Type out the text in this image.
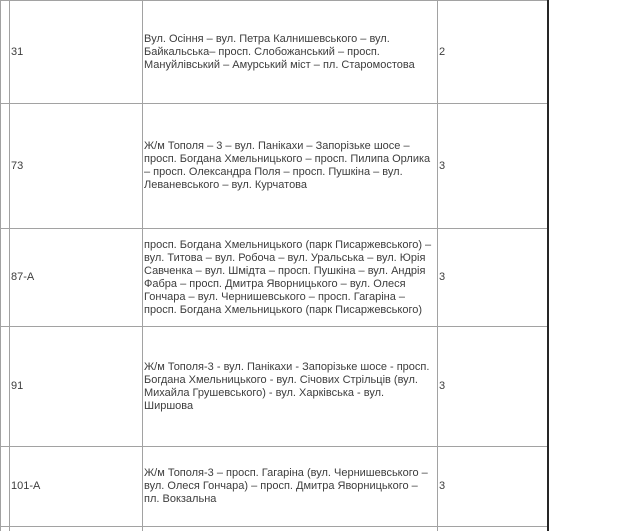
	31	Вул. Осіння – вул. Петра Калнишевського – вул. Байкальська– просп. Слобожанський – просп. Мануйлівський – Амурський міст – пл. Старомостова	2
	73	Ж/м Тополя – 3 – вул. Панікахи – Запорізьке шосе – просп. Богдана Хмельницького – просп. Пилипа Орлика – просп. Олександра Поля – просп. Пушкіна – вул. Леваневського – вул. Курчатова	3
	87-А	просп. Богдана Хмельницького (парк Писаржевського) – вул. Титова – вул. Робоча – вул. Уральська – вул. Юрія Савченка – вул. Шмідта – просп. Пушкіна – вул. Андрія Фабра – просп. Дмитра Яворницького – вул. Олеся Гончара – вул. Чернишевського – просп. Гагаріна – просп. Богдана Хмельницького (парк Писаржевського)	3
	91	Ж/м Тополя-3 - вул. Панікахи - Запорізьке шосе - просп. Богдана Хмельницького - вул. Січових Стрільців (вул. Михайла Грушевського) - вул. Харківська - вул. Ширшова	3
	101-А	Ж/м Тополя-3 – просп. Гагаріна (вул. Чернишевського – вул. Олеся Гончара) – просп. Дмитра Яворницького – пл. Вокзальна	3
